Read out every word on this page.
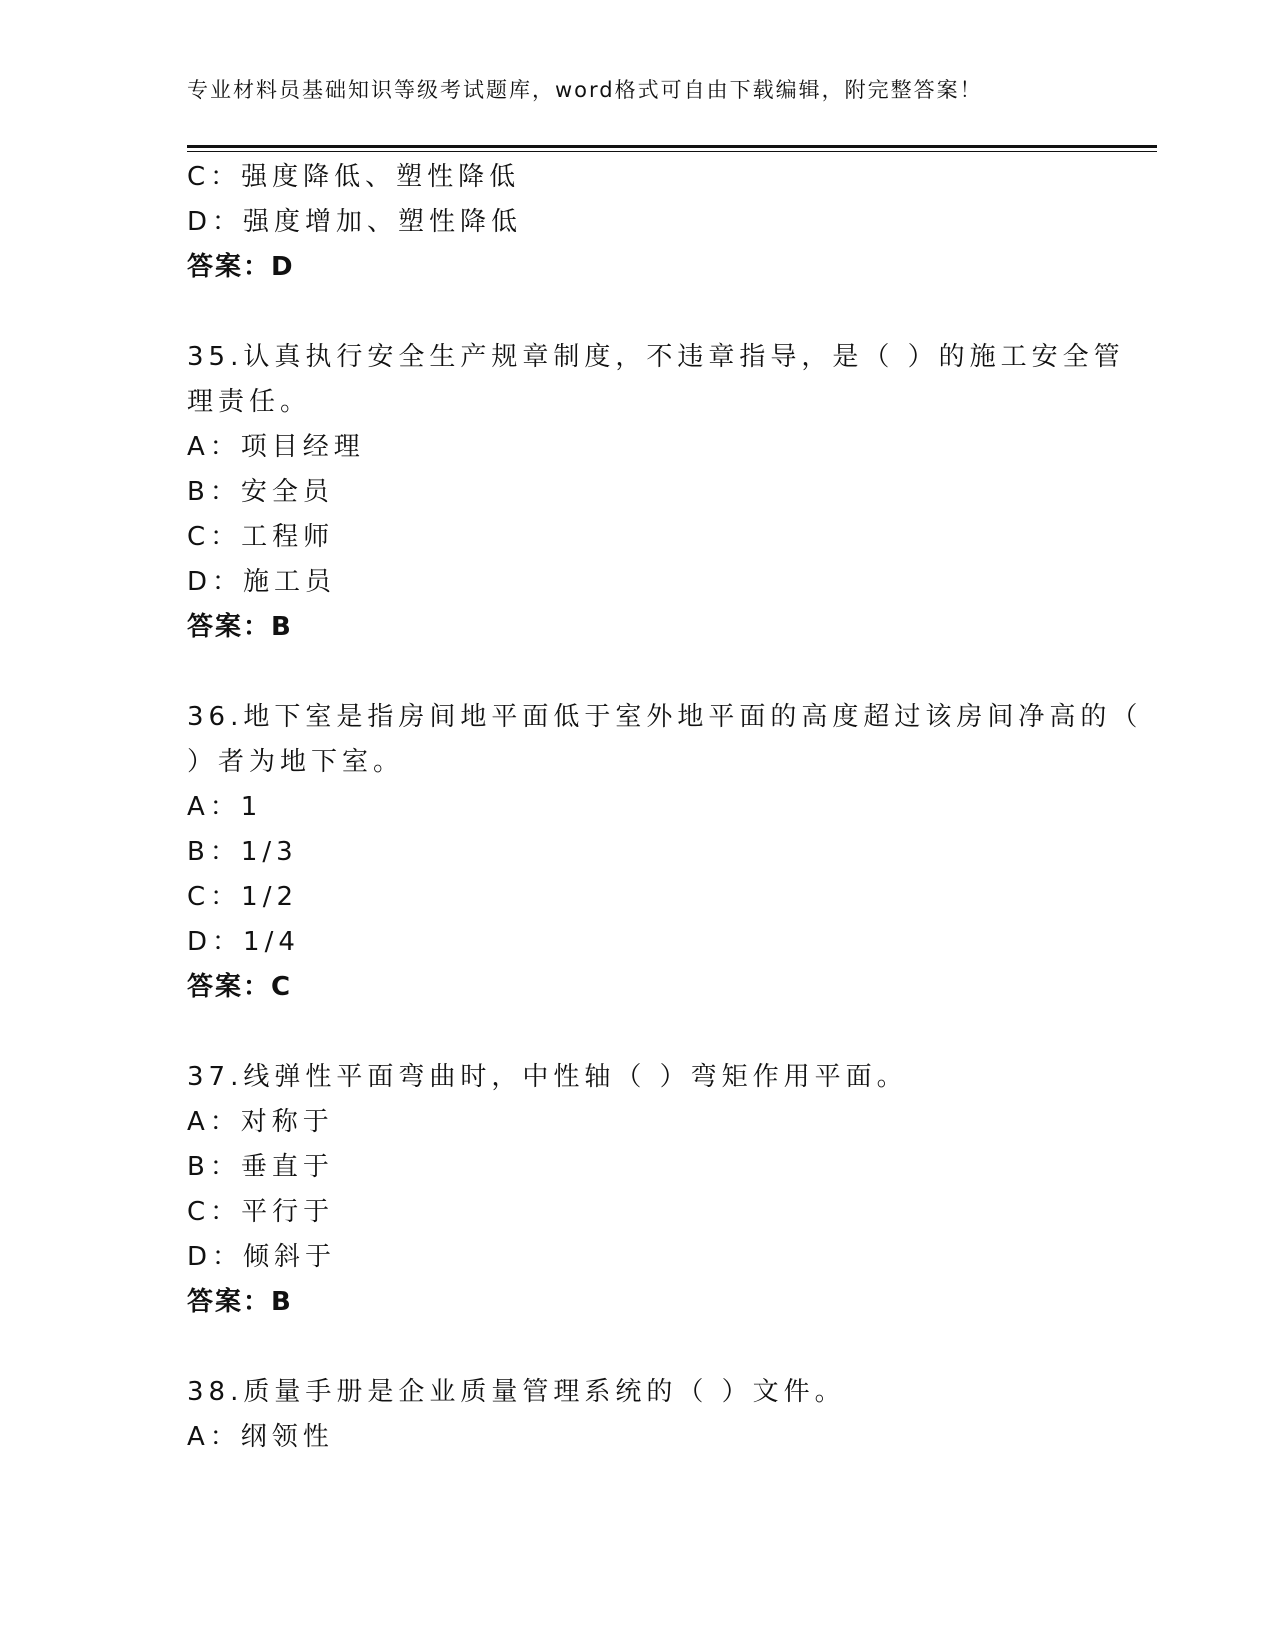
专业材料员基础知识等级考试题库，word格式可自由下载编辑，附完整答案！
C：强度降低、塑性降低
D：强度增加、塑性降低
答案：D
35.认真执行安全生产规章制度，不违章指导，是（ ）的施工安全管
理责任。
A：项目经理
B：安全员
C：工程师
D：施工员
答案：B
36.地下室是指房间地平面低于室外地平面的高度超过该房间净高的（
）者为地下室。
A：1
B：1/3
C：1/2
D：1/4
答案：C
37.线弹性平面弯曲时，中性轴（ ）弯矩作用平面。
A：对称于
B：垂直于
C：平行于
D：倾斜于
答案：B
38.质量手册是企业质量管理系统的（ ）文件。
A：纲领性
